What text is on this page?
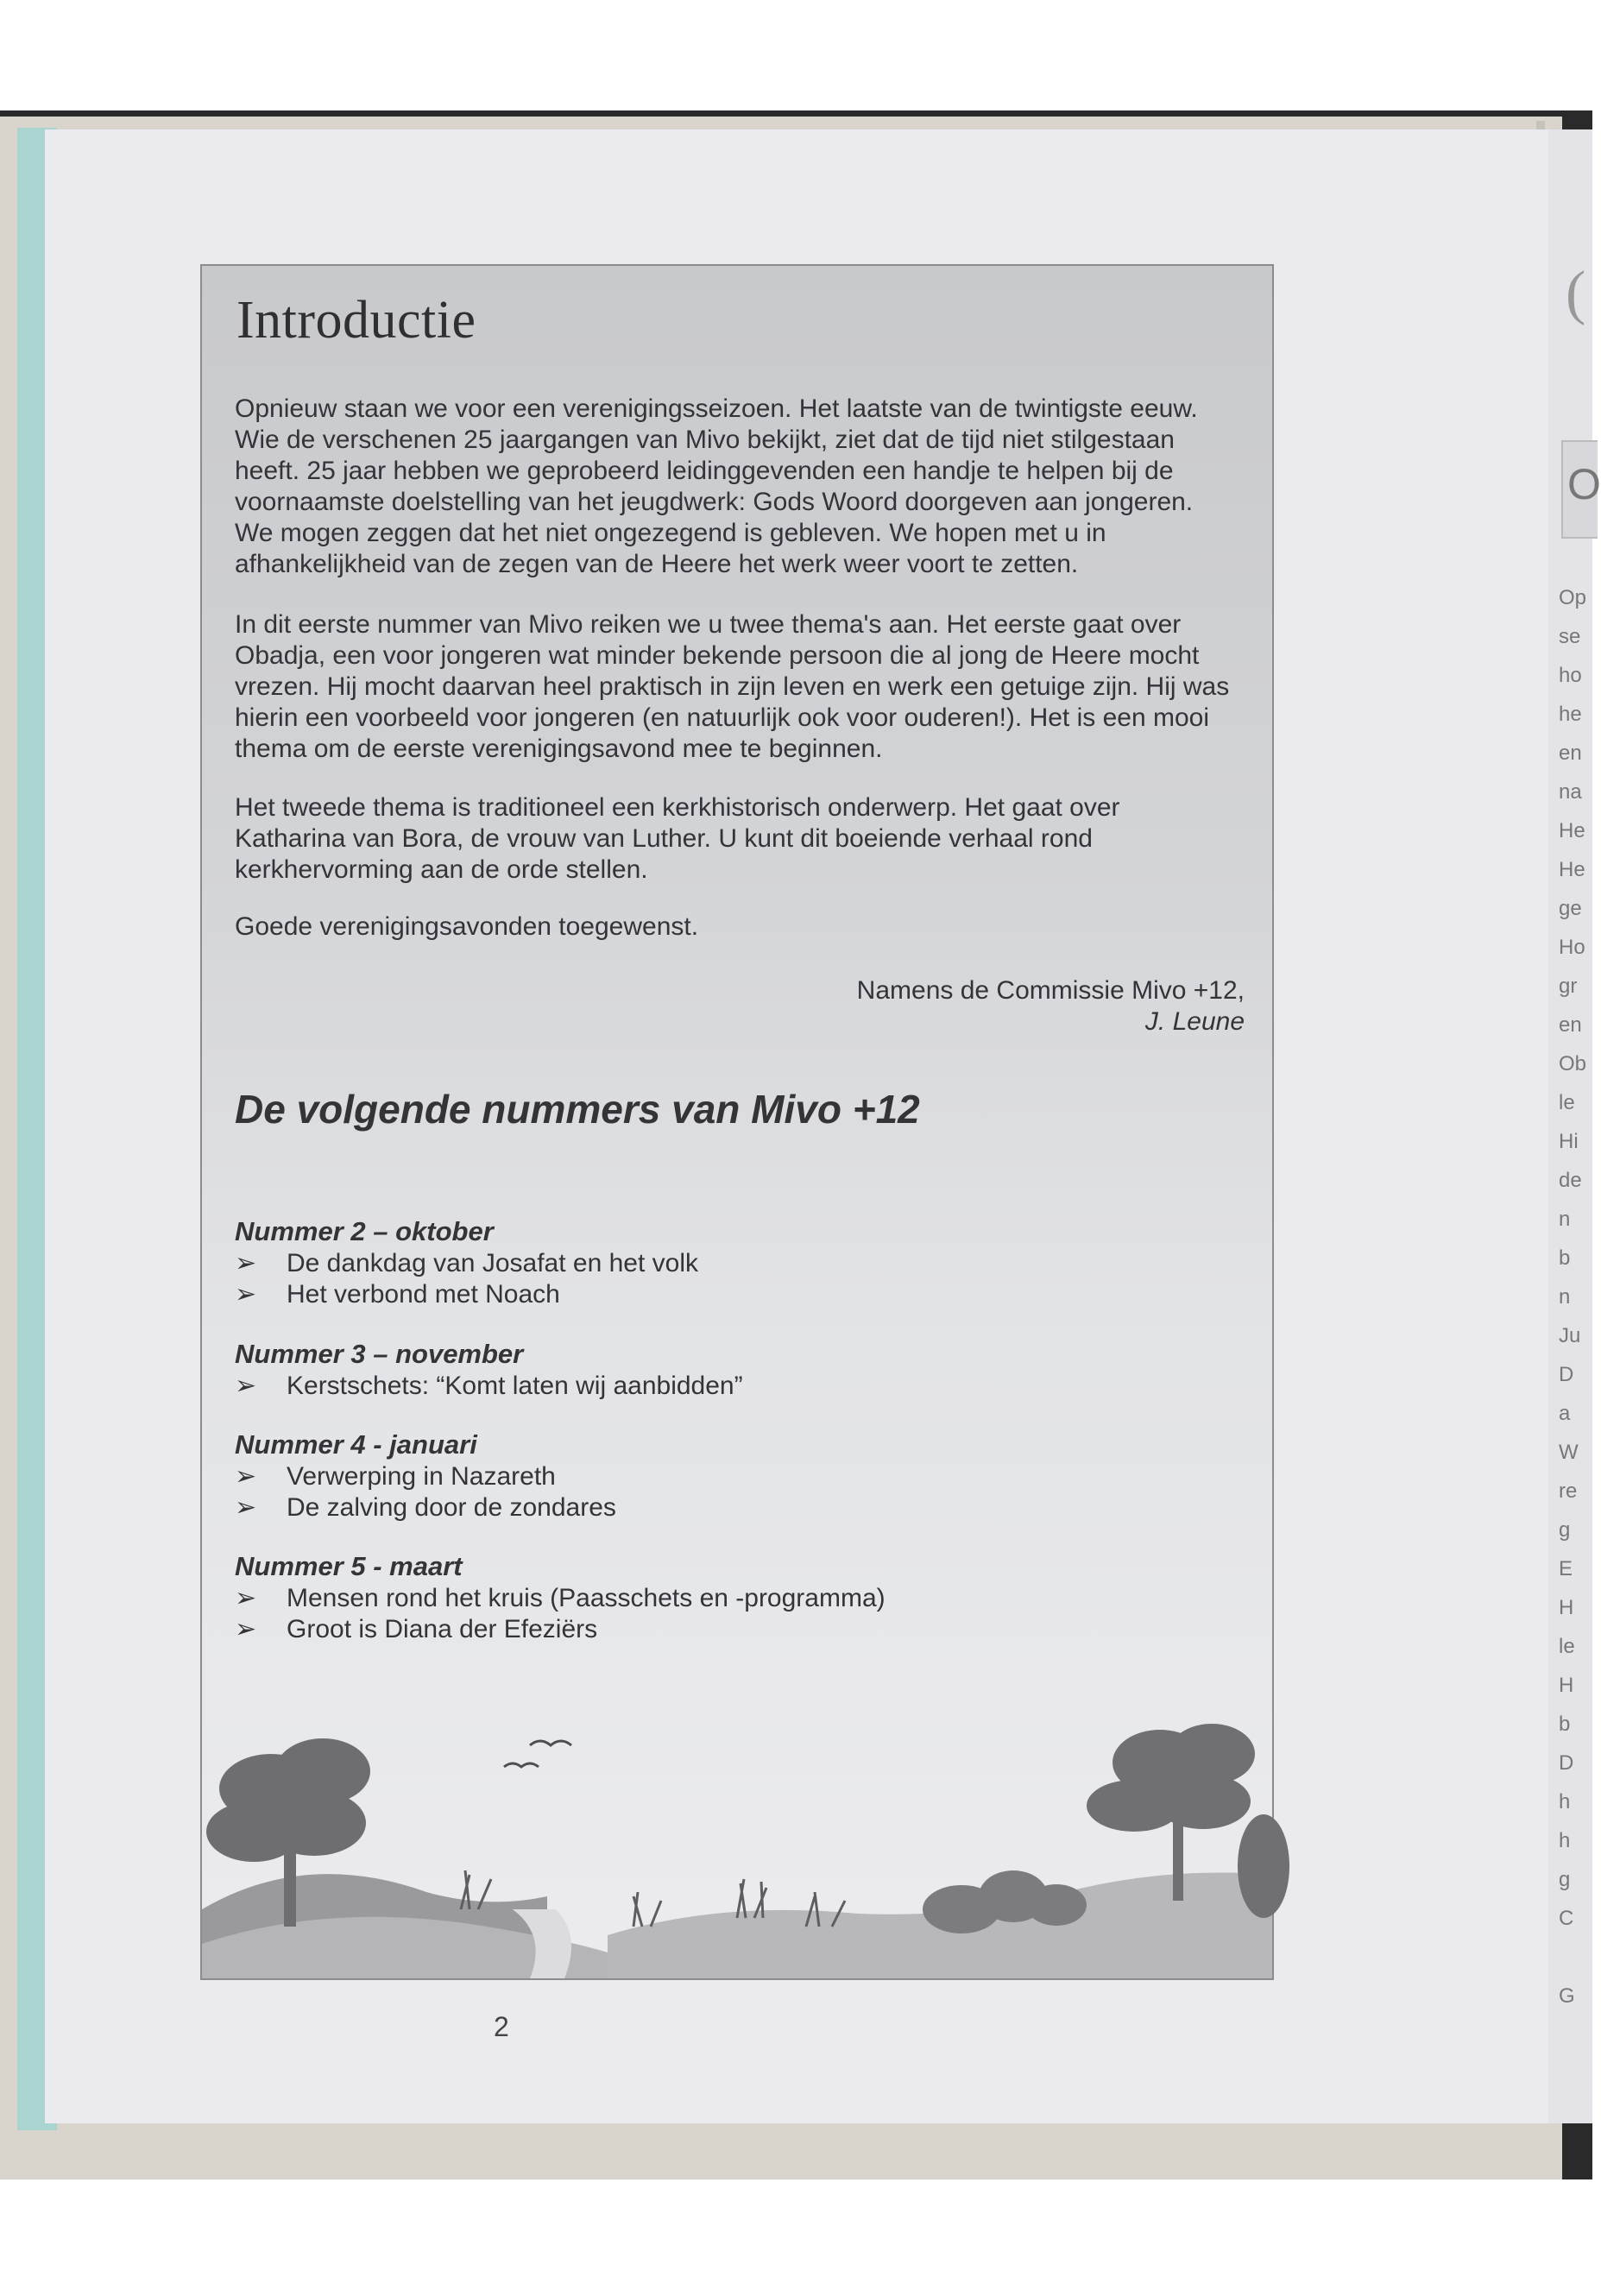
(
O
Op
se
ho
he
en
na
He
He
ge
Ho
gr
en
Ob
le
Hi
de
n
b
n
Ju
D
a
W
re
g
E
H
le
H
b
D
h
h
g
C

G
Introductie

Opnieuw staan we voor een verenigingsseizoen. Het laatste van de twintigste eeuw. Wie de verschenen 25 jaargangen van Mivo bekijkt, ziet dat de tijd niet stilgestaan heeft. 25 jaar hebben we geprobeerd leidinggevenden een handje te helpen bij de voornaamste doelstelling van het jeugdwerk: Gods Woord doorgeven aan jongeren. We mogen zeggen dat het niet ongezegend is gebleven. We hopen met u in afhankelijkheid van de zegen van de Heere het werk weer voort te zetten.

In dit eerste nummer van Mivo reiken we u twee thema's aan. Het eerste gaat over Obadja, een voor jongeren wat minder bekende persoon die al jong de Heere mocht vrezen. Hij mocht daarvan heel praktisch in zijn leven en werk een getuige zijn. Hij was hierin een voorbeeld voor jongeren (en natuurlijk ook voor ouderen!). Het is een mooi thema om de eerste verenigingsavond mee te beginnen.

Het tweede thema is traditioneel een kerkhistorisch onderwerp. Het gaat over Katharina van Bora, de vrouw van Luther. U kunt dit boeiende verhaal rond kerkhervorming aan de orde stellen.

Goede verenigingsavonden toegewenst.

Namens de Commissie Mivo +12,
J. Leune
De volgende nummers van Mivo +12

Nummer 2 – oktober

➢	De dankdag van Josafat en het volk
➢	Het verbond met Noach

Nummer 3 – november

➢	Kerstschets: “Komt laten wij aanbidden”

Nummer 4 - januari

➢	Verwerping in Nazareth
➢	De zalving door de zondares

Nummer 5 - maart

➢	Mensen rond het kruis (Paasschets en -programma)
➢	Groot is Diana der Efeziërs
2
